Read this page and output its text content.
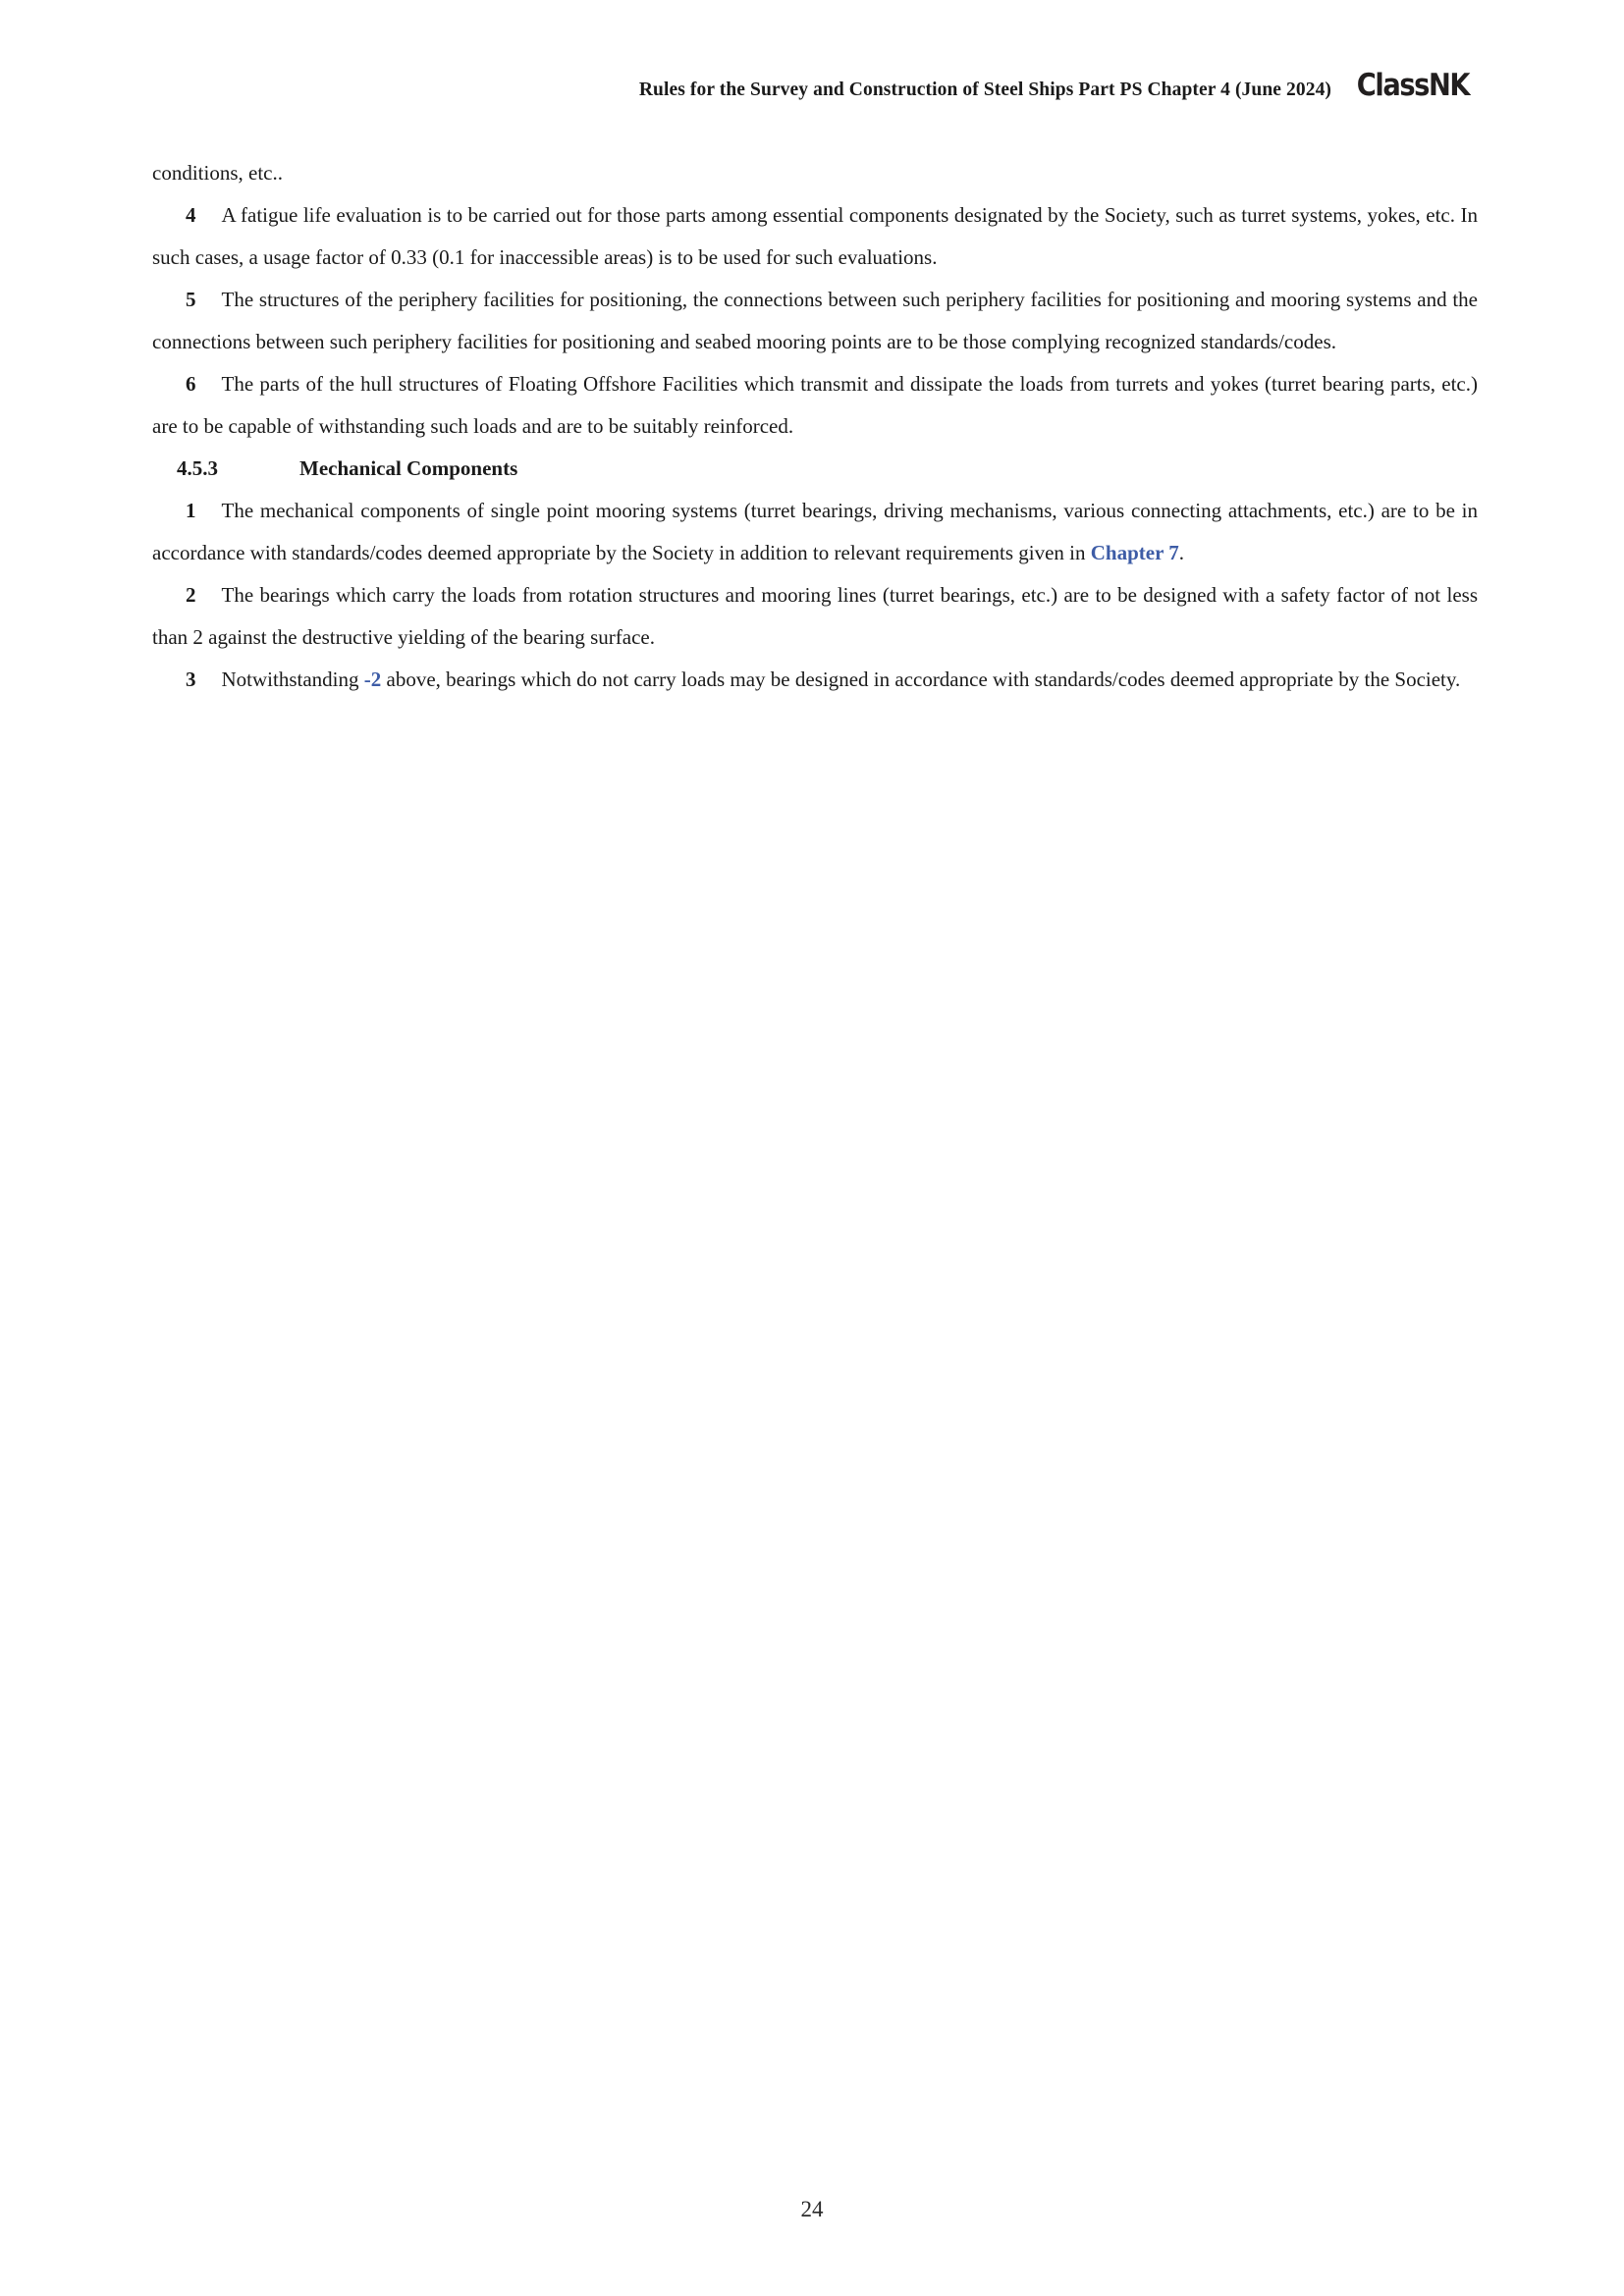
Rules for the Survey and Construction of Steel Ships Part PS Chapter 4 (June 2024) ClassNK

conditions, etc..

4 A fatigue life evaluation is to be carried out for those parts among essential components designated by the Society, such as turret systems, yokes, etc. In such cases, a usage factor of 0.33 (0.1 for inaccessible areas) is to be used for such evaluations.

5 The structures of the periphery facilities for positioning, the connections between such periphery facilities for positioning and mooring systems and the connections between such periphery facilities for positioning and seabed mooring points are to be those complying recognized standards/codes.

6 The parts of the hull structures of Floating Offshore Facilities which transmit and dissipate the loads from turrets and yokes (turret bearing parts, etc.) are to be capable of withstanding such loads and are to be suitably reinforced.

4.5.3	Mechanical Components

1 The mechanical components of single point mooring systems (turret bearings, driving mechanisms, various connecting attachments, etc.) are to be in accordance with standards/codes deemed appropriate by the Society in addition to relevant requirements given in Chapter 7.

2 The bearings which carry the loads from rotation structures and mooring lines (turret bearings, etc.) are to be designed with a safety factor of not less than 2 against the destructive yielding of the bearing surface.

3 Notwithstanding -2 above, bearings which do not carry loads may be designed in accordance with standards/codes deemed appropriate by the Society.

24
